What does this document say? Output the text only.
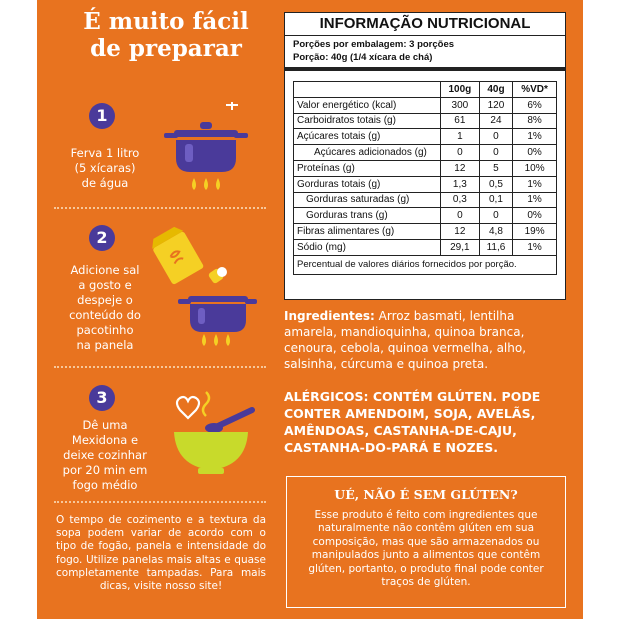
É muito fácil
de preparar
1
Ferva 1 litro
(5 xícaras)
de água
2
Adicione sal
a gosto e
despeje o
conteúdo do
pacotinho
na panela
3
Dê uma
Mexidona e
deixe cozinhar
por 20 min em
fogo médio
O tempo de cozimento e a textura da sopa podem variar de acordo com o tipo de fogão, panela e intensidade do fogo. Utilize panelas mais altas e quase completamente tampadas. Para mais dicas, visite nosso site!
INFORMAÇÃO NUTRICIONAL
Porções por embalagem: 3 porções
Porção: 40g (1/4 xícara de chá)
	100g	40g	%VD*
Valor energético (kcal)	300	120	6%
Carboidratos totais (g)	61	24	8%
Açúcares totais (g)	1	0	1%
Açúcares adicionados (g)	0	0	0%
Proteínas (g)	12	5	10%
Gorduras totais (g)	1,3	0,5	1%
Gorduras saturadas (g)	0,3	0,1	1%
Gorduras trans (g)	0	0	0%
Fibras alimentares (g)	12	4,8	19%
Sódio (mg)	29,1	11,6	1%
Percentual de valores diários fornecidos por porção.			
Ingredientes: Arroz basmati, lentilha amarela, mandioquinha, quinoa branca, cenoura, cebola, quinoa vermelha, alho, salsinha, cúrcuma e quinoa preta.
ALÉRGICOS: CONTÉM GLÚTEN. PODE CONTER AMENDOIM, SOJA, AVELÃS, AMÊNDOAS, CASTANHA-DE-CAJU, CASTANHA-DO-PARÁ E NOZES.
UÉ, NÃO É SEM GLÚTEN?
Esse produto é feito com ingredientes que naturalmente não contêm glúten em sua composição, mas que são armazenados ou manipulados junto a alimentos que contêm glúten, portanto, o produto final pode conter traços de glúten.
